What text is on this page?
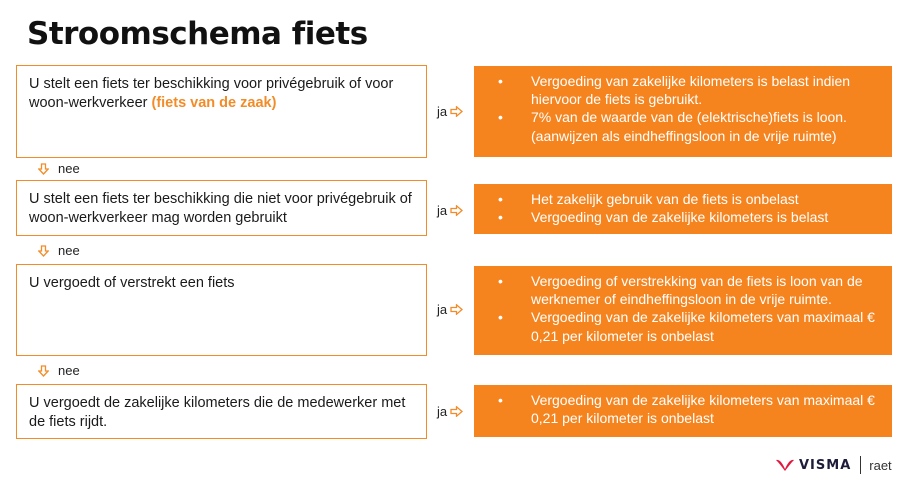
Stroomschema fiets
U stelt een fiets ter beschikking voor privégebruik of voor woon-werkverkeer (fiets van de zaak)
ja
• Vergoeding van zakelijke kilometers is belast indien hiervoor de fiets is gebruikt.
• 7% van de waarde van de (elektrische)fiets is loon. (aanwijzen als eindheffingsloon in de vrije ruimte)
nee
U stelt een fiets ter beschikking die niet voor privégebruik of woon-werkverkeer mag worden gebruikt	ja
• Het zakelijk gebruik van de fiets is onbelast
• Vergoeding van de zakelijke kilometers is belast
nee
U vergoedt of verstrekt een fiets
ja
• Vergoeding of verstrekking van de fiets is loon van de werknemer of eindheffingsloon in de vrije ruimte.
• Vergoeding van de zakelijke kilometers van maximaal € 0,21 per kilometer is onbelast
nee
U vergoedt de zakelijke kilometers die de medewerker met de fiets rijdt.
ja
• Vergoeding van de zakelijke kilometers van maximaal € 0,21 per kilometer is onbelast
VISMA raet
